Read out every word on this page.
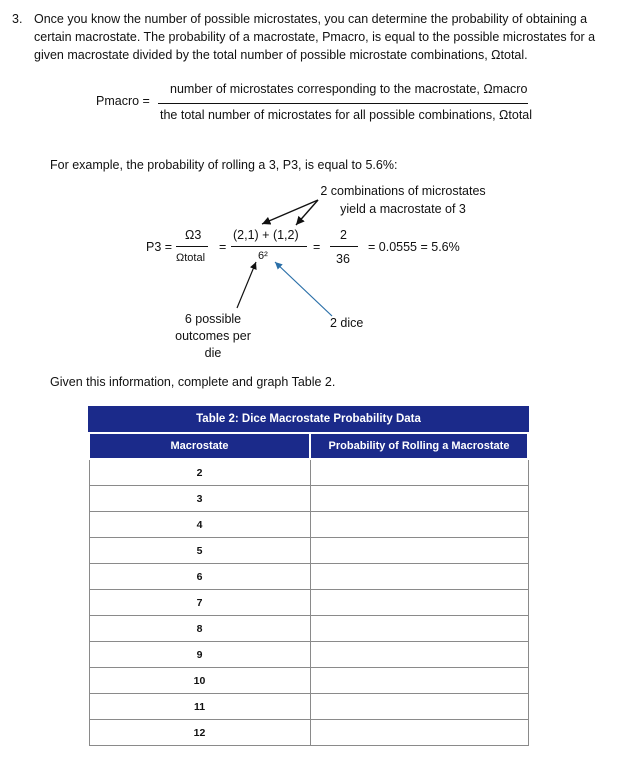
3. Once you know the number of possible microstates, you can determine the probability of obtaining a certain macrostate. The probability of a macrostate, Pmacro, is equal to the possible microstates for a given macrostate divided by the total number of possible microstate combinations, Ωtotal.
Pmacro =
number of microstates corresponding to the macrostate, Ωmacro
the total number of microstates for all possible combinations, Ωtotal
For example, the probability of rolling a 3, P3, is equal to 5.6%:
2 combinations of microstates yield a macrostate of 3
P3 =
Ω3
Ωtotal
=
(2,1) + (1,2)
6²
=
2
36
= 0.0555 = 5.6%
6 possible outcomes per die
2 dice
Given this information, complete and graph Table 2.
Table 2: Dice Macrostate Probability Data
Macrostate	Probability of Rolling a Macrostate
2	
3	
4	
5	
6	
7	
8	
9	
10	
11	
12	
